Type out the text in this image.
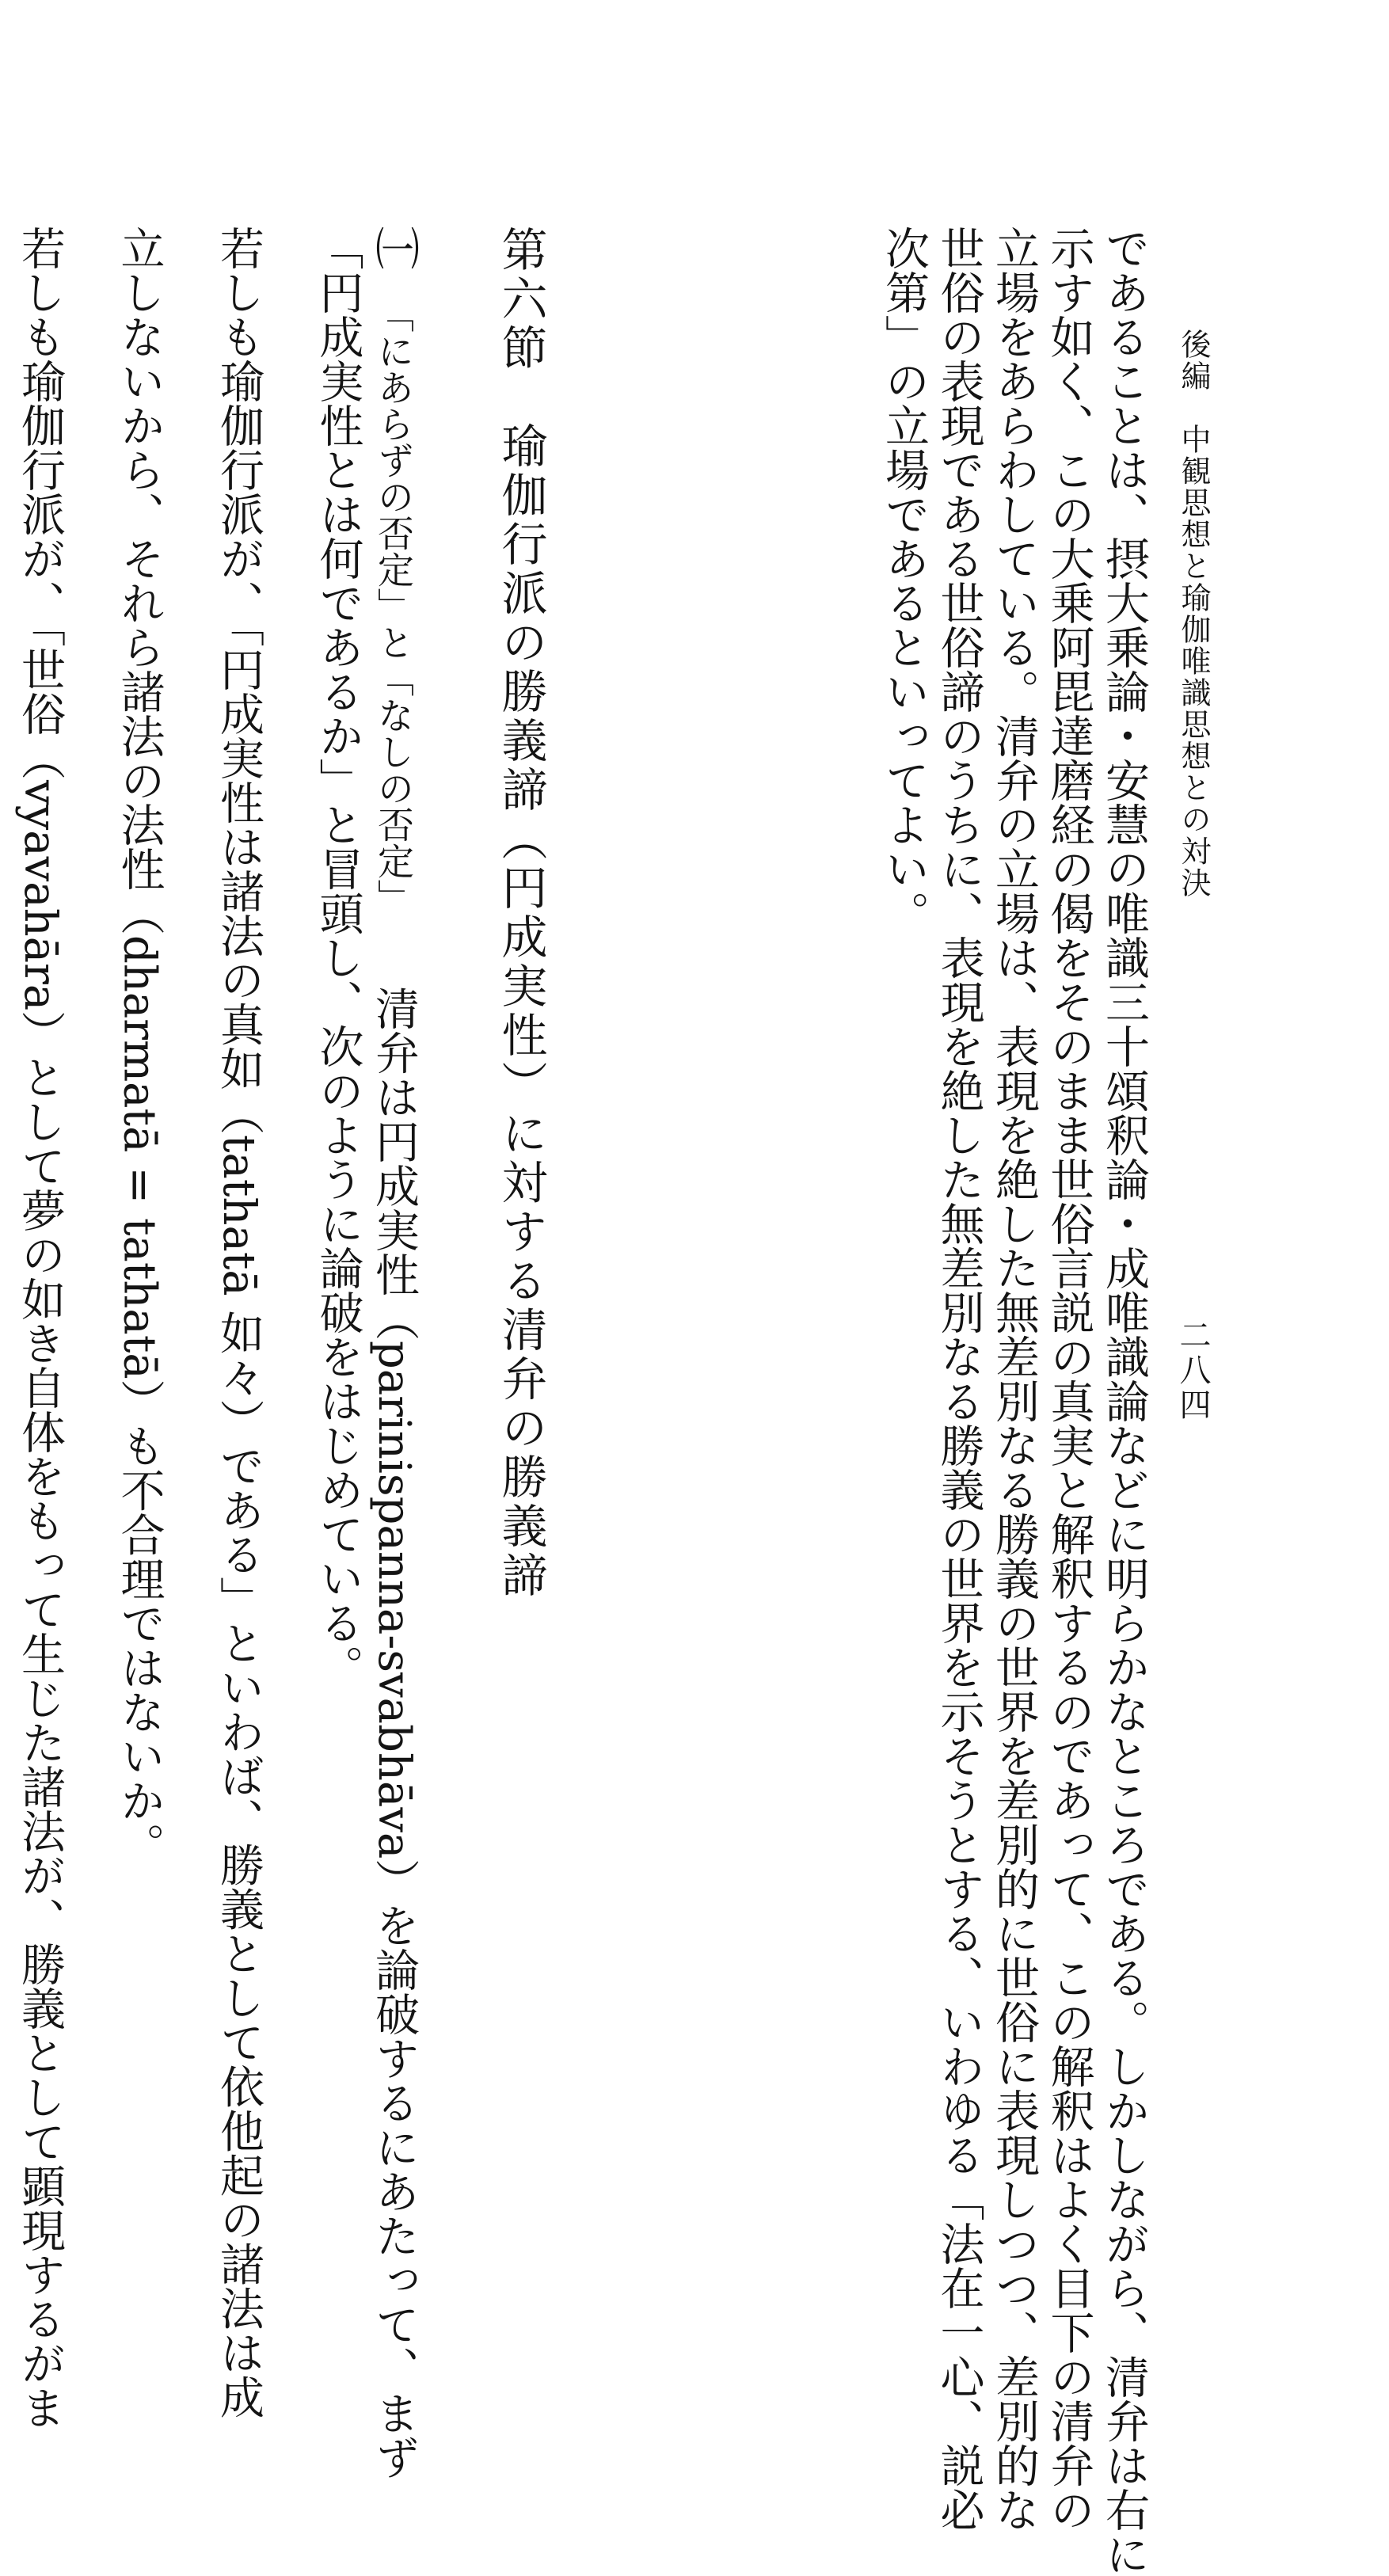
後編　中観思想と瑜伽唯識思想との対決
二八四
であることは、摂大乗論・安慧の唯識三十頌釈論・成唯識論などに明らかなところである。しかしながら、清弁は右に
示す如く、この大乗阿毘達磨経の偈をそのまま世俗言説の真実と解釈するのであって、この解釈はよく目下の清弁の
立場をあらわしている。清弁の立場は、表現を絶した無差別なる勝義の世界を差別的に世俗に表現しつつ、差別的な
世俗の表現である世俗諦のうちに、表現を絶した無差別なる勝義の世界を示そうとする、いわゆる「法在一心、説必
次第」の立場であるといってよい。
第六節　瑜伽行派の勝義諦（円成実性）に対する清弁の勝義諦
㈠　「にあらずの否定」と「なしの否定」　　清弁は円成実性（parinispanna-svabhāva）を論破するにあたって、まず
「円成実性とは何であるか」と冒頭し、次のように論破をはじめている。
若しも瑜伽行派が、「円成実性は諸法の真如（tathatā 如々）である」といわば、勝義として依他起の諸法は成
立しないから、それら諸法の法性（dharmatā = tathatā）も不合理ではないか。
若しも瑜伽行派が、「世俗（vyavahāra）として夢の如き自体をもって生じた諸法が、勝義として顕現するがま
